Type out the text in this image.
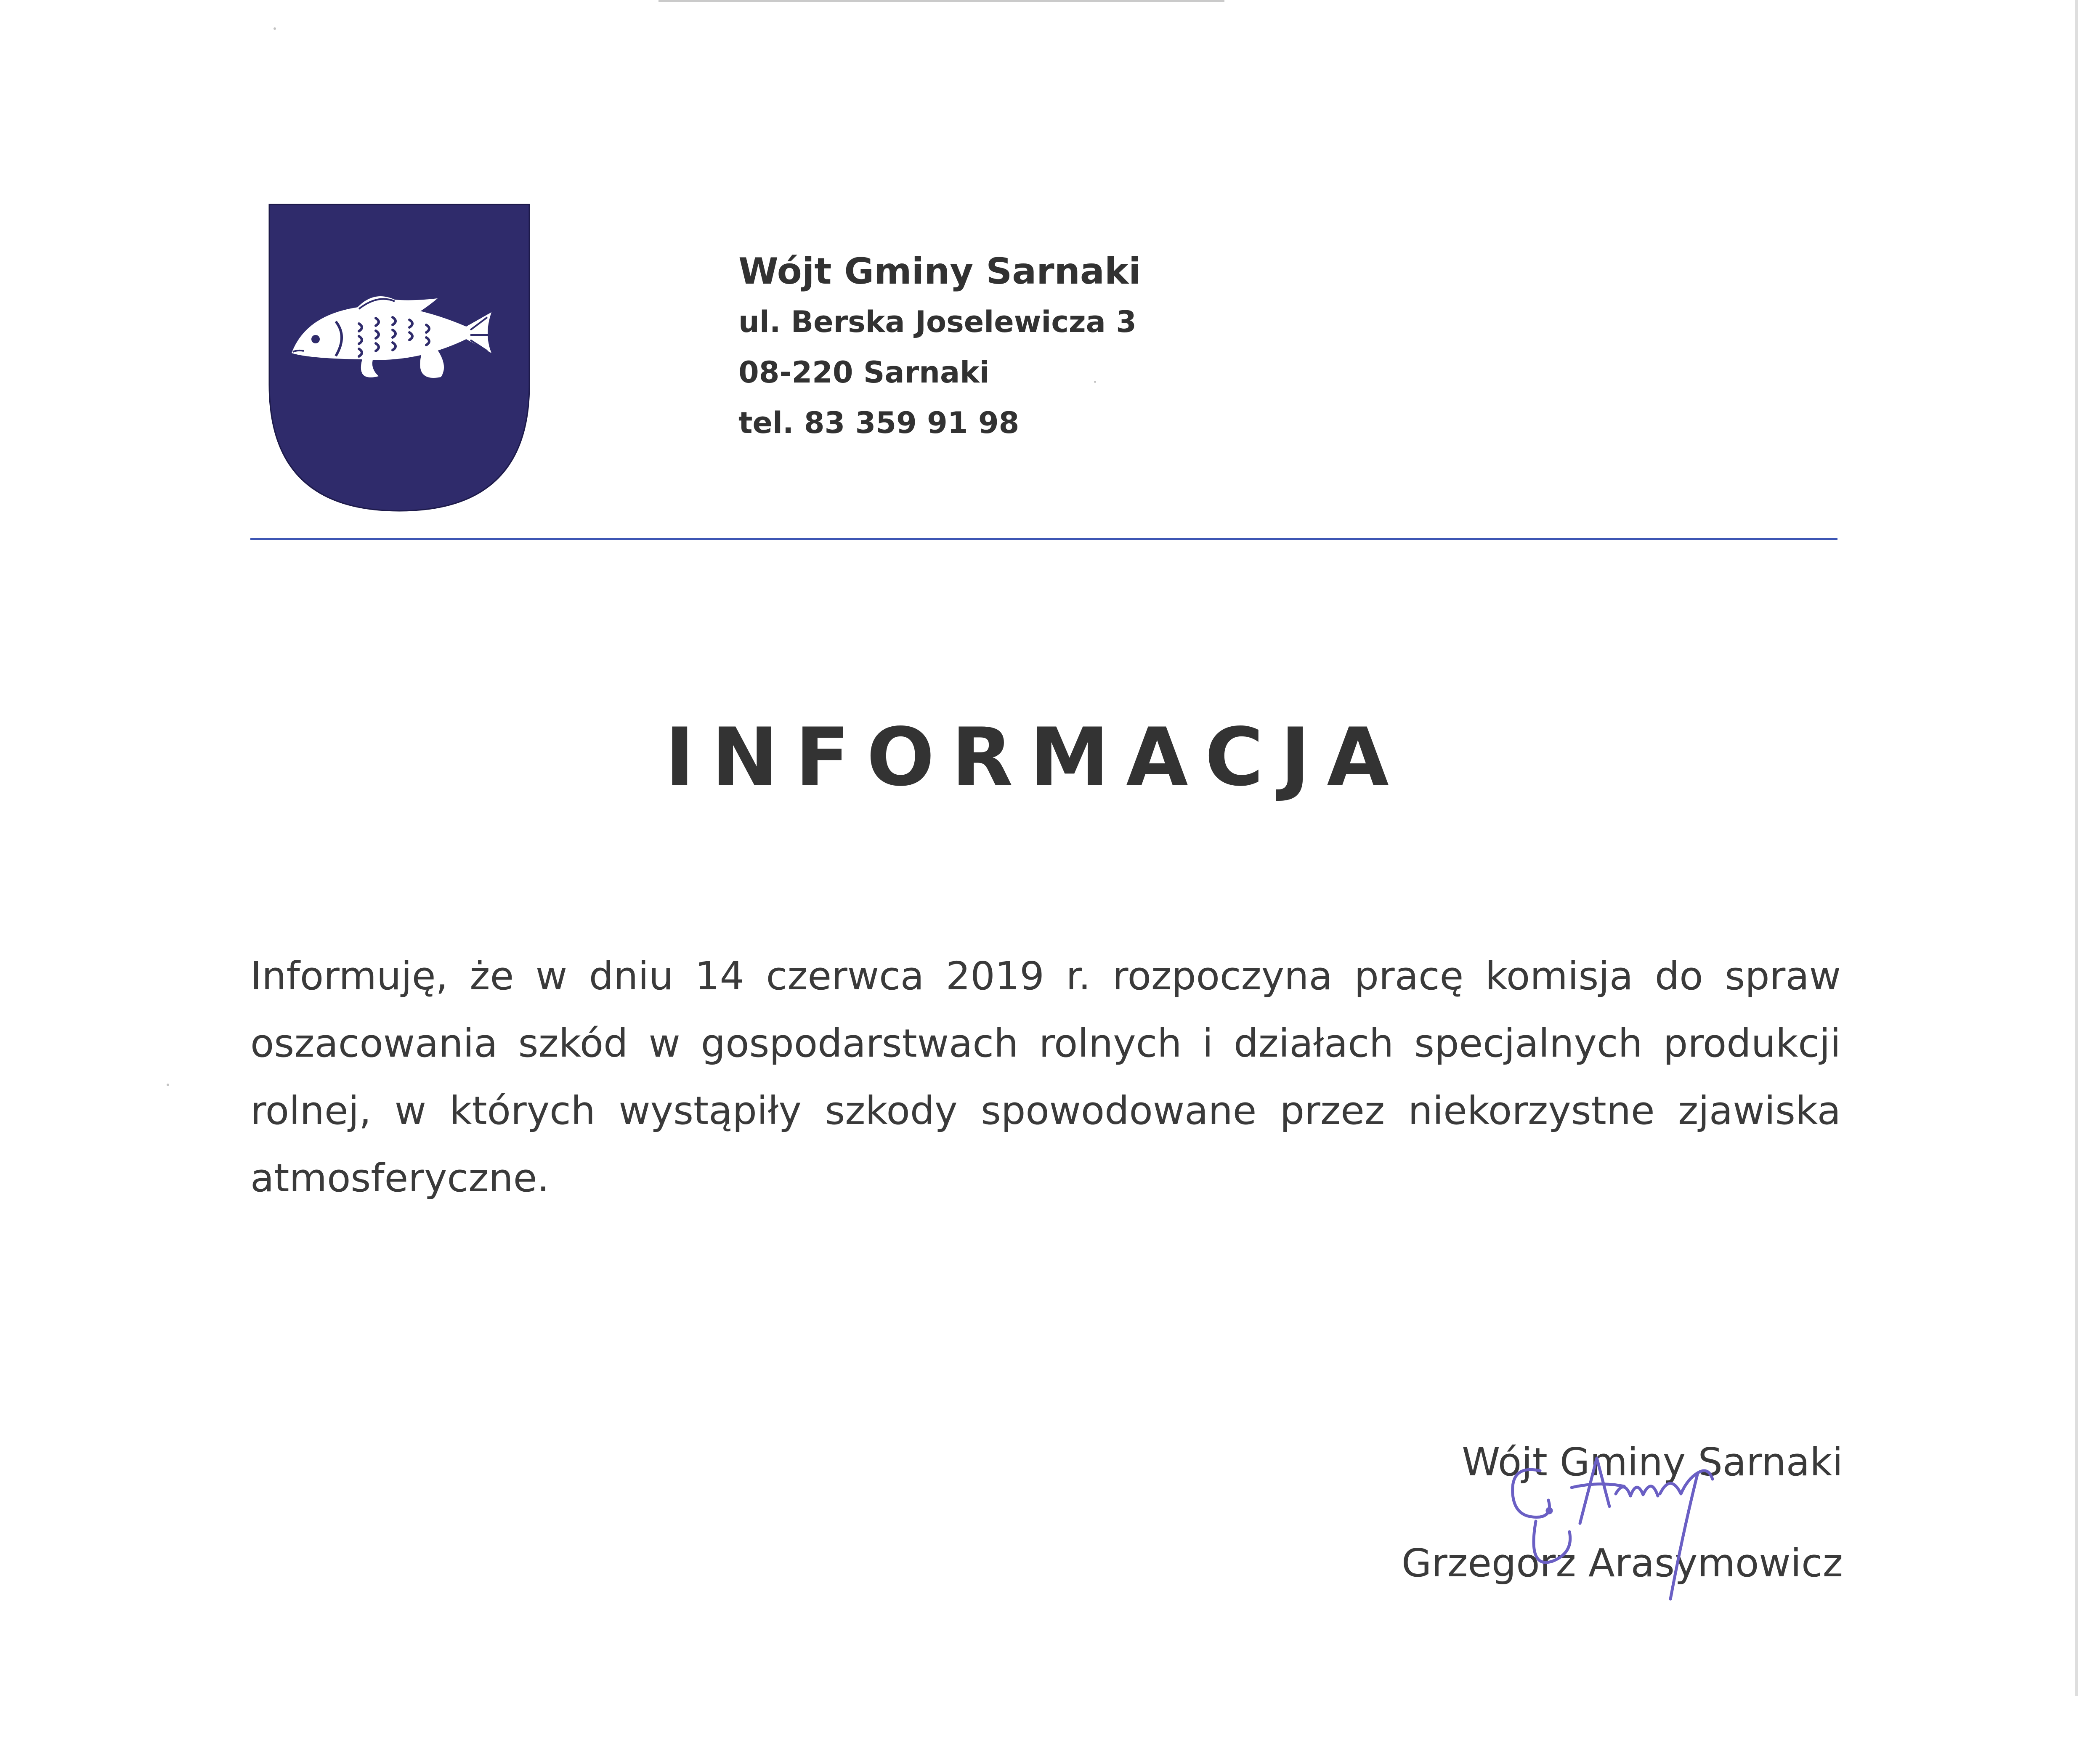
Wójt Gminy Sarnaki
ul. Berska Joselewicza 3
08-220 Sarnaki
tel. 83 359 91 98
INFORMACJA
Informuję, że w dniu 14 czerwca 2019 r. rozpoczyna pracę komisja do spraw
oszacowania szkód w gospodarstwach rolnych i działach specjalnych produkcji
rolnej, w których wystąpiły szkody spowodowane przez niekorzystne zjawiska
atmosferyczne.
Wójt Gminy Sarnaki
Grzegorz Arasymowicz
